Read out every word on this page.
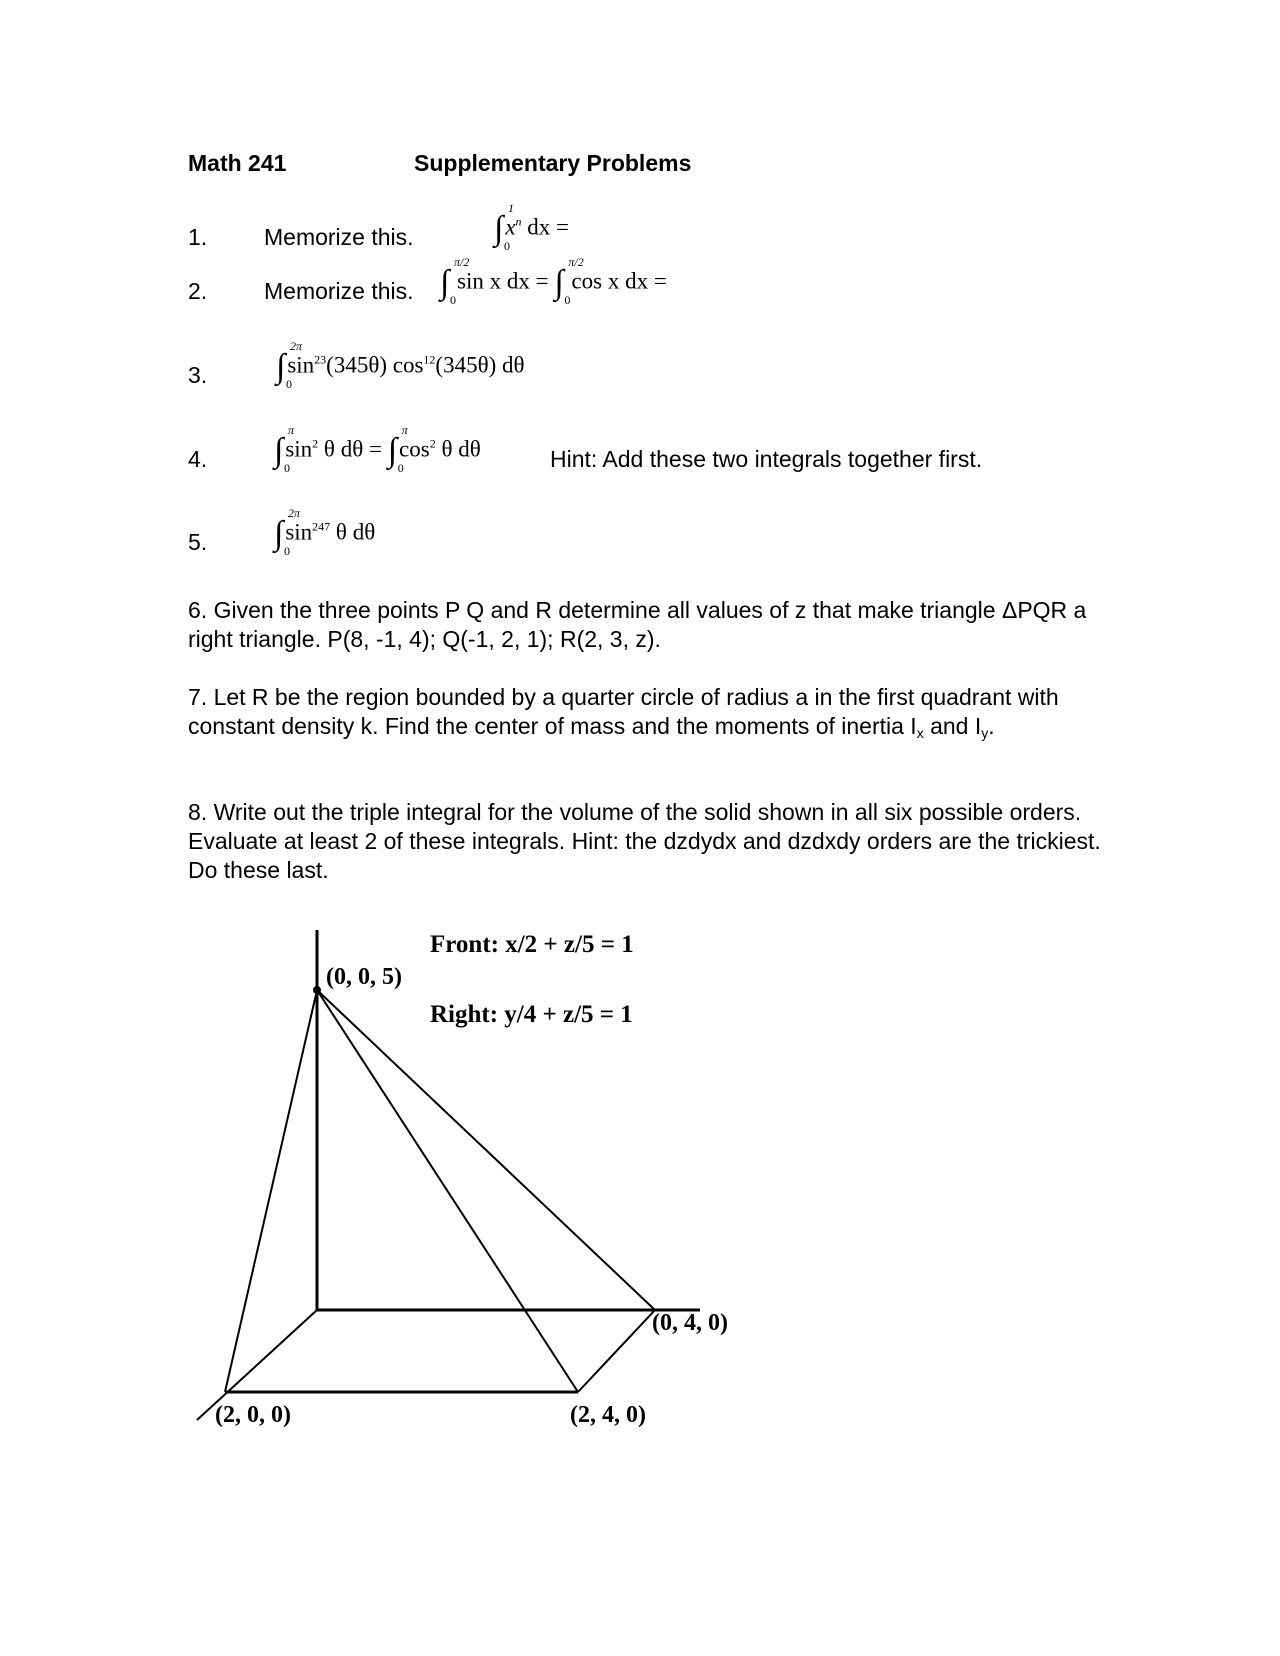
Math 241	Supplementary Problems
1. Memorize this. ∫
1
0
$x^n$ dx =
2. Memorize this. ∫
π/2
0
sin x dx = ∫
π/2
0
cos x dx =
3. ∫
2π
0
$\sin^{23}(345\theta)$ $\cos^{12}(345\theta)$ dθ
4. ∫
π
0
$\sin^2 \theta$ dθ = ∫
π
0
$\cos^2 \theta$ dθ	Hint: Add these two integrals together first.
5. ∫
2π
0
$\sin^{247} \theta$ dθ

6. Given the three points P Q and R determine all values of z that make triangle ΔPQR a right triangle. P(8, -1, 4); Q(-1, 2, 1); R(2, 3, z).

7. Let R be the region bounded by a quarter circle of radius a in the first quadrant with constant density k. Find the center of mass and the moments of inertia $I_x$ and $I_y$.

8. Write out the triple integral for the volume of the solid shown in all six possible orders. Evaluate at least 2 of these integrals. Hint: the dzdydx and dzdxdy orders are the trickiest. Do these last.

Front: x/2 + z/5 = 1
Right: y/4 + z/5 = 1
(0, 0, 5)
(0, 4, 0)
(2, 0, 0)	(2, 4, 0)
